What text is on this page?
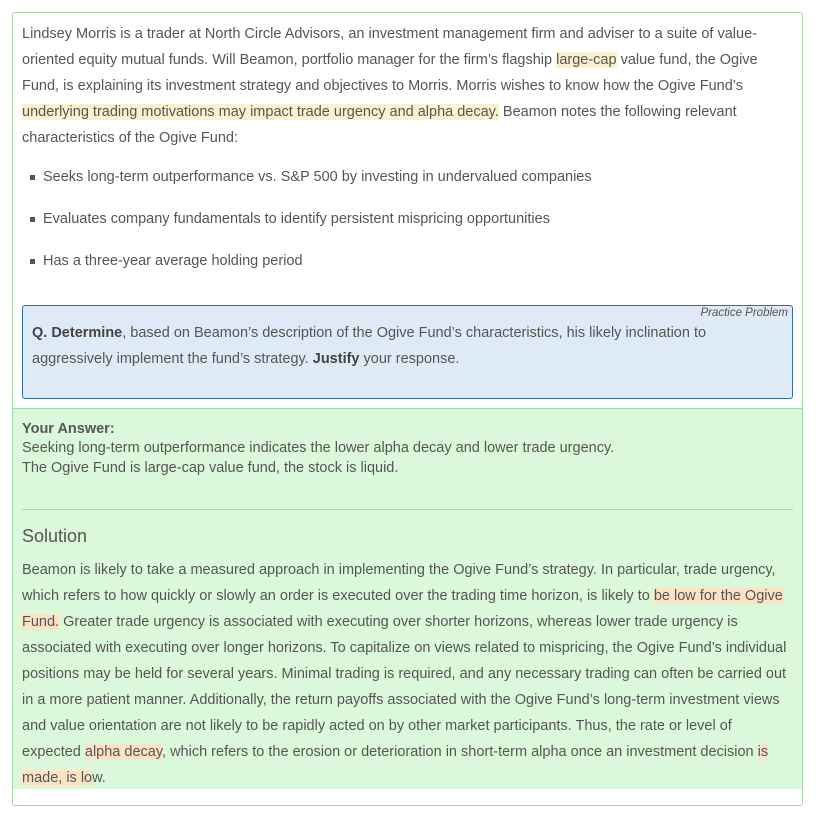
Lindsey Morris is a trader at North Circle Advisors, an investment management firm and adviser to a suite of value-oriented equity mutual funds. Will Beamon, portfolio manager for the firm’s flagship large-cap value fund, the Ogive Fund, is explaining its investment strategy and objectives to Morris. Morris wishes to know how the Ogive Fund’s underlying trading motivations may impact trade urgency and alpha decay. Beamon notes the following relevant characteristics of the Ogive Fund:

Seeks long-term outperformance vs. S&P 500 by investing in undervalued companies
Evaluates company fundamentals to identify persistent mispricing opportunities
Has a three-year average holding period
Practice Problem

Q. Determine, based on Beamon’s description of the Ogive Fund’s characteristics, his likely inclination to aggressively implement the fund’s strategy. Justify your response.

Your Answer:
Seeking long-term outperformance indicates the lower alpha decay and lower trade urgency.
The Ogive Fund is large-cap value fund, the stock is liquid.
Solution

Beamon is likely to take a measured approach in implementing the Ogive Fund’s strategy. In particular, trade urgency, which refers to how quickly or slowly an order is executed over the trading time horizon, is likely to be low for the Ogive Fund. Greater trade urgency is associated with executing over shorter horizons, whereas lower trade urgency is associated with executing over longer horizons. To capitalize on views related to mispricing, the Ogive Fund’s individual positions may be held for several years. Minimal trading is required, and any necessary trading can often be carried out in a more patient manner. Additionally, the return payoffs associated with the Ogive Fund’s long-term investment views and value orientation are not likely to be rapidly acted on by other market participants. Thus, the rate or level of expected alpha decay, which refers to the erosion or deterioration in short-term alpha once an investment decision is made, is low.
